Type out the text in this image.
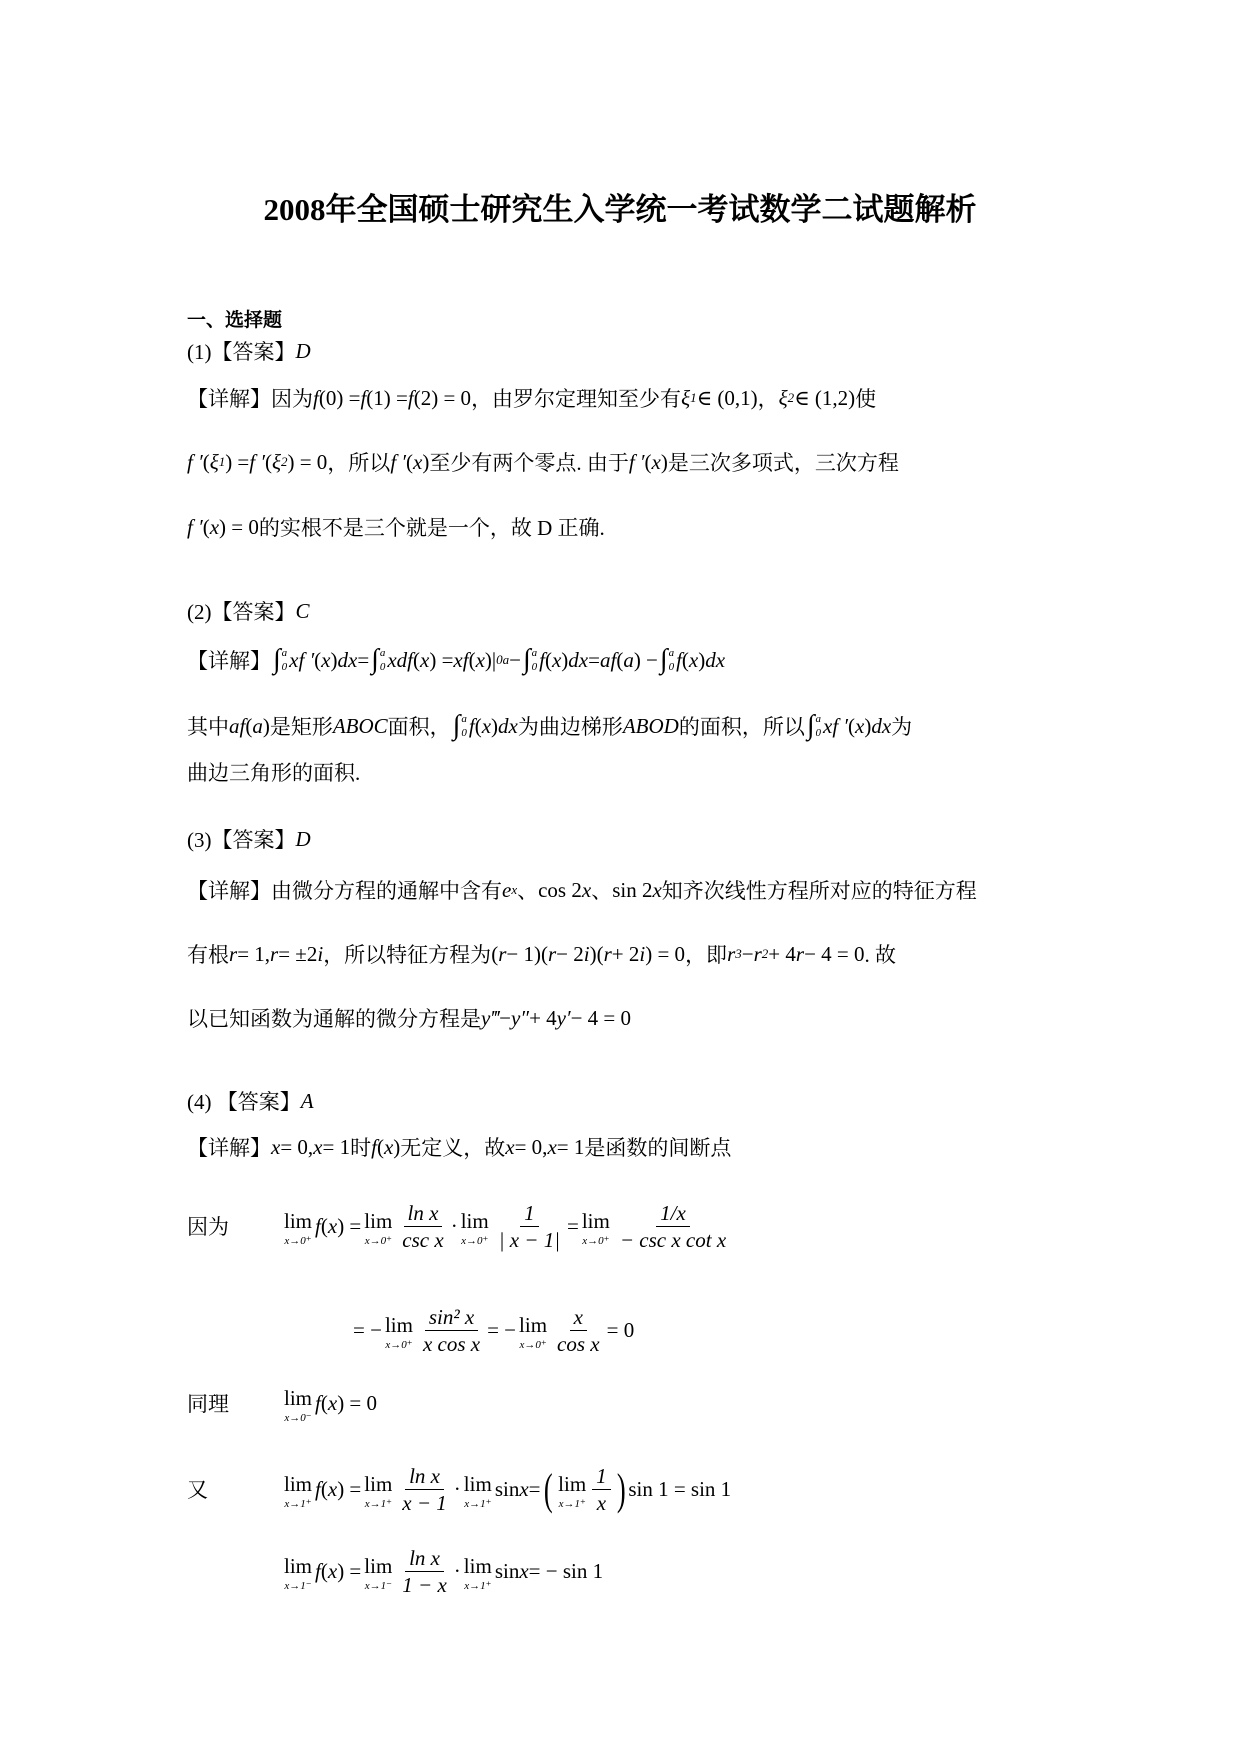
2008年全国硕士研究生入学统一考试数学二试题解析
一、选择题
(1)【答案】 D
【详解】因为 f (0) = f (1) = f (2) = 0 ，由罗尔定理知至少有 ξ 1 ∈ (0,1) ， ξ 2 ∈ (1,2) 使
f ′ ( ξ 1 ) = f ′ ( ξ 2 ) = 0 ，所以 f ′ ( x ) 至少有两个零点. 由于 f ′ ( x ) 是三次多项式，三次方程
f ′ ( x ) = 0 的实根不是三个就是一个，故 D 正确.
(2)【答案】 C
【详解】 ∫ a
0 xf ′ ( x ) dx = ∫ a
0 xdf ( x ) = xf ( x )| 0 a − ∫ a
0 f ( x ) dx = af ( a ) − ∫ a
0 f ( x ) dx
其中 af ( a ) 是矩形 ABOC 面积， ∫ a
0 f ( x ) dx 为曲边梯形 ABOD 的面积，所以 ∫ a
0 xf ′ ( x ) dx 为
曲边三角形的面积.
(3)【答案】 D
【详解】由微分方程的通解中含有 e x 、 cos 2 x 、 sin 2 x 知齐次线性方程所对应的特征方程
有根 r = 1, r = ±2 i ，所以特征方程为 ( r − 1)( r − 2 i )( r + 2 i ) = 0 ，即 r 3 − r 2 + 4 r − 4 = 0 . 故
以已知函数为通解的微分方程是 y‴ − y″ + 4 y′ − 4 = 0
(4) 【答案】 A
【详解】 x = 0, x = 1 时 f ( x ) 无定义，故 x = 0, x = 1 是函数的间断点
因为	lim
x→0⁺
f ( x ) = lim
$x\to 0^+ \frac{\text{ln x}}{\text{csc x}} \cdot \lim$
$x\to 0^+ \frac{1}{| x - 1|} = \lim$
$x\to 0^+ \frac{1/x}{\text{− csc x cot x}}$
= − lim
$x\to 0^+ \frac{\text{sin² x}}{\text{x cos x}}$ = − lim
$x\to 0^+ \frac{x}{\text{cos x}} = 0$
同理	lim
x→0⁻
f ( x ) = 0
又	lim
x→1⁺
f ( x ) = lim
$x\to 1^+ \frac{\text{ln x}}{x - 1} \cdot \lim$
x→1⁺
sin x = ( lim
$x\to 1^+ \frac{1}{x}$ ) sin 1 = sin 1
lim
x→1⁻
f ( x ) = lim
$x\to 1^- \frac{\text{ln x}}{1 - x} \cdot \lim$
x→1⁺
sin x = − sin 1
